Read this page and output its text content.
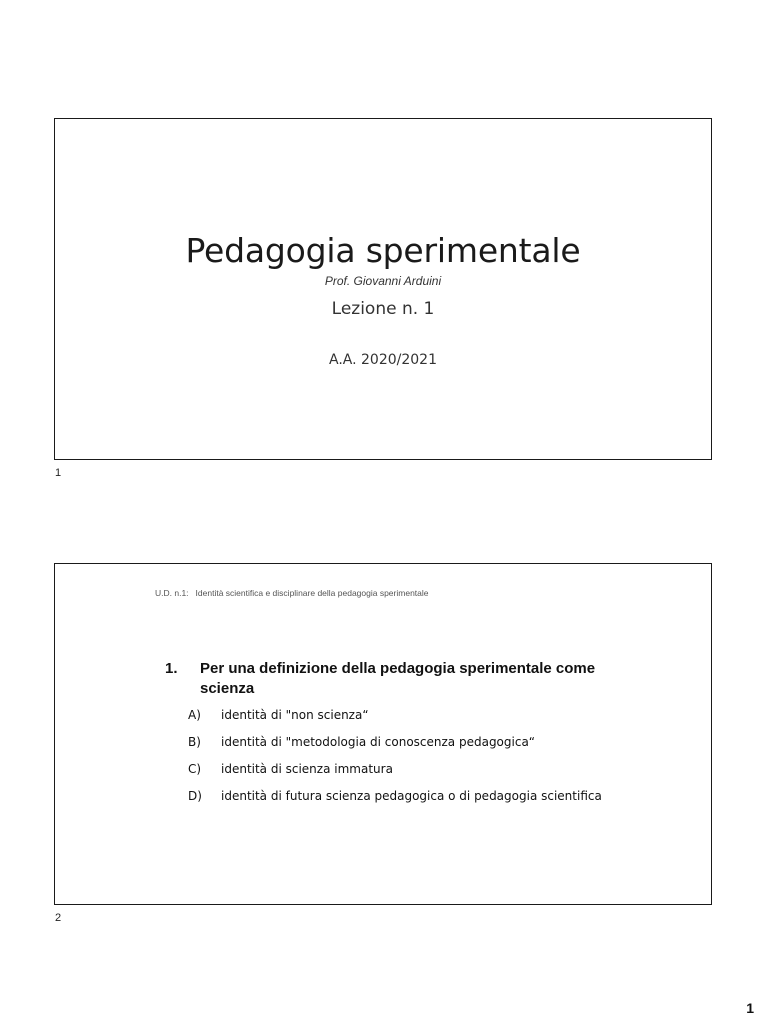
Pedagogia sperimentale
Prof. Giovanni Arduini
Lezione n. 1
A.A. 2020/2021
1
U.D. n.1: Identità scientifica e disciplinare della pedagogia sperimentale
1. Per una definizione della pedagogia sperimentale come scienza
A) identità di "non scienza“
B) identità di "metodologia di conoscenza pedagogica“
C) identità di scienza immatura
D) identità di futura scienza pedagogica o di pedagogia scientifica
2
1
